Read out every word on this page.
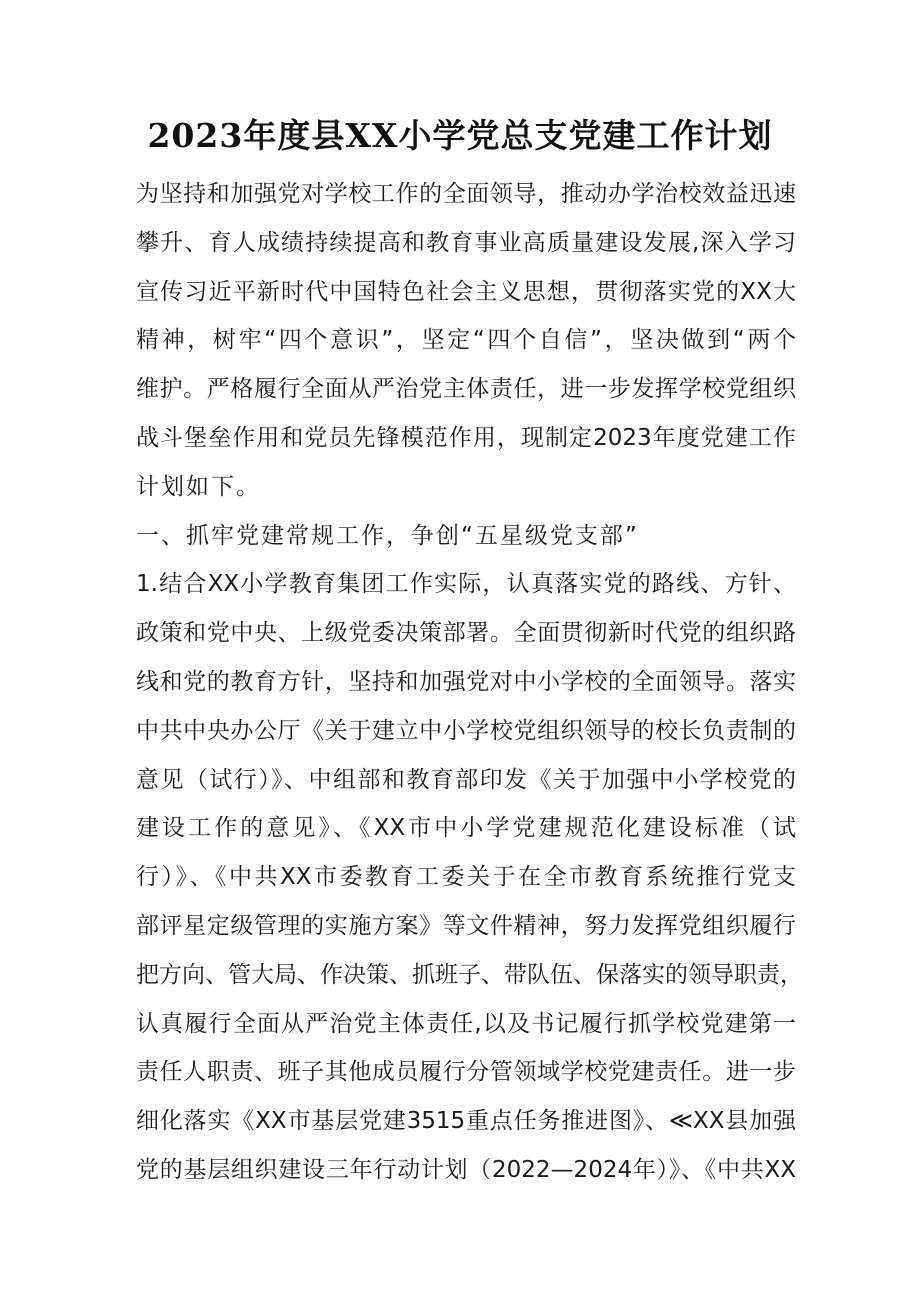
2023年度县XX小学党总支党建工作计划
为坚持和加强党对学校工作的全面领导，推动办学治校效益迅速
攀升、育人成绩持续提高和教育事业高质量建设发展,深入学习
宣传习近平新时代中国特色社会主义思想，贯彻落实党的XX大
精神，树牢“四个意识”，坚定“四个自信”，坚决做到“两个
维护。严格履行全面从严治党主体责任，进一步发挥学校党组织
战斗堡垒作用和党员先锋模范作用，现制定2023年度党建工作
计划如下。
一、抓牢党建常规工作，争创“五星级党支部”
1.结合XX小学教育集团工作实际，认真落实党的路线、方针、
政策和党中央、上级党委决策部署。全面贯彻新时代党的组织路
线和党的教育方针，坚持和加强党对中小学校的全面领导。落实
中共中央办公厅《关于建立中小学校党组织领导的校长负责制的
意见（试行）》、中组部和教育部印发《关于加强中小学校党的
建设工作的意见》、《XX市中小学党建规范化建设标准（试
行）》、《中共XX市委教育工委关于在全市教育系统推行党支
部评星定级管理的实施方案》等文件精神，努力发挥党组织履行
把方向、管大局、作决策、抓班子、带队伍、保落实的领导职责，
认真履行全面从严治党主体责任,以及书记履行抓学校党建第一
责任人职责、班子其他成员履行分管领域学校党建责任。进一步
细化落实《XX市基层党建3515重点任务推进图》、≪XX县加强
党的基层组织建设三年行动计划（2022—2024年）》、《中共XX
